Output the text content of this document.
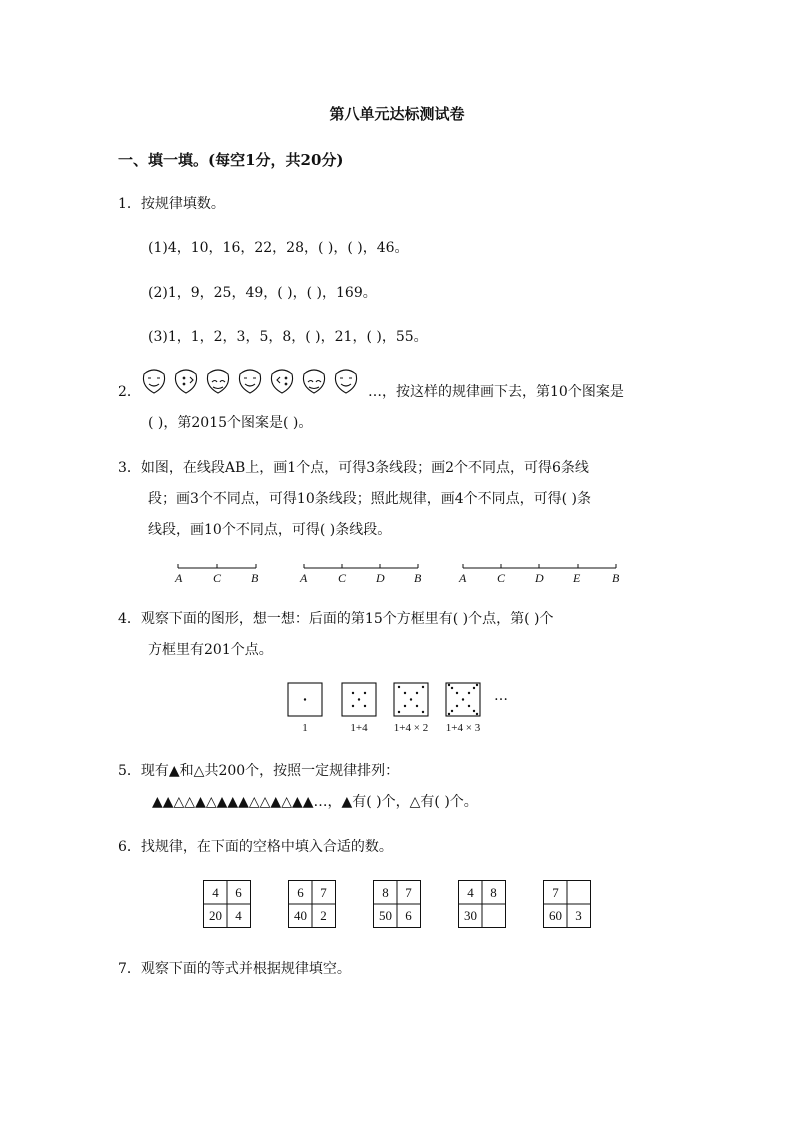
第八单元达标测试卷
一、填一填。(每空1分，共20分)
1．按规律填数。
(1)4，10，16，22，28，( )，( )，46。
(2)1，9，25，49，( )，( )，169。
(3)1，1，2，3，5，8，( )，21，( )，55。
2．	…，按这样的规律画下去，第10个图案是
( )，第2015个图案是( )。
3．如图，在线段AB上，画1个点，可得3条线段；画2个不同点，可得6条线
段；画3个不同点，可得10条线段；照此规律，画4个不同点，可得( )条
线段，画10个不同点，可得( )条线段。
A	C B	A	C D B	A	C D E	B
4．观察下面的图形，想一想：后面的第15个方框里有( )个点，第( )个
方框里有201个点。
…
1	1+4	1+4 × 2	1+4 × 3
5．现有▲和△共200个，按照一定规律排列：
▲▲△△▲△▲▲▲△△▲△▲▲…，▲有( )个，△有( )个。
6．找规律，在下面的空格中填入合适的数。
4	6
20	4
6	7
40	2
8	7
50	6
4	8
30
7
60	3
7．观察下面的等式并根据规律填空。
